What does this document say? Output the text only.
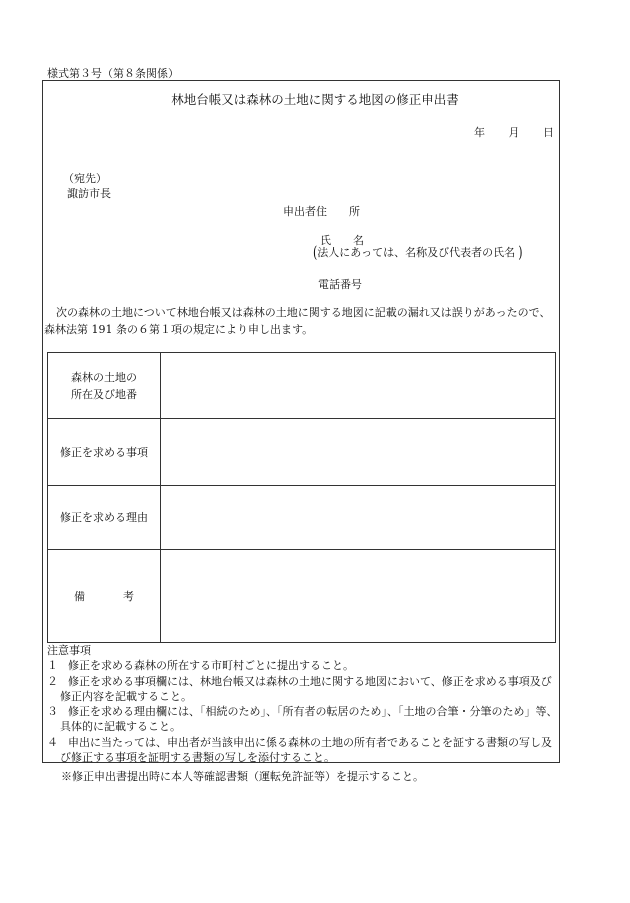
様式第３号（第８条関係）
林地台帳又は森林の土地に関する地図の修正申出書
年 月 日
（宛先）
諏訪市長
申出者住　　所
氏　　名
(法人にあっては、名称及び代表者の氏名 )
電話番号
次の森林の土地について林地台帳又は森林の土地に関する地図に記載の漏れ又は誤りがあったので、森林法第 191 条の６第１項の規定により申し出ます。
森林の土地の
所在及び地番	

修正を求める事項	
修正を求める理由	
備 考	
注意事項
１ 修正を求める森林の所在する市町村ごとに提出すること。
２ 修正を求める事項欄には、林地台帳又は森林の土地に関する地図において、修正を求める事項及び修正内容を記載すること。
３ 修正を求める理由欄には、「相続のため」、「所有者の転居のため」、「土地の合筆・分筆のため」等、具体的に記載すること。
４ 申出に当たっては、申出者が当該申出に係る森林の土地の所有者であることを証する書類の写し及び修正する事項を証明する書類の写しを添付すること。
※修正申出書提出時に本人等確認書類（運転免許証等）を提示すること。
